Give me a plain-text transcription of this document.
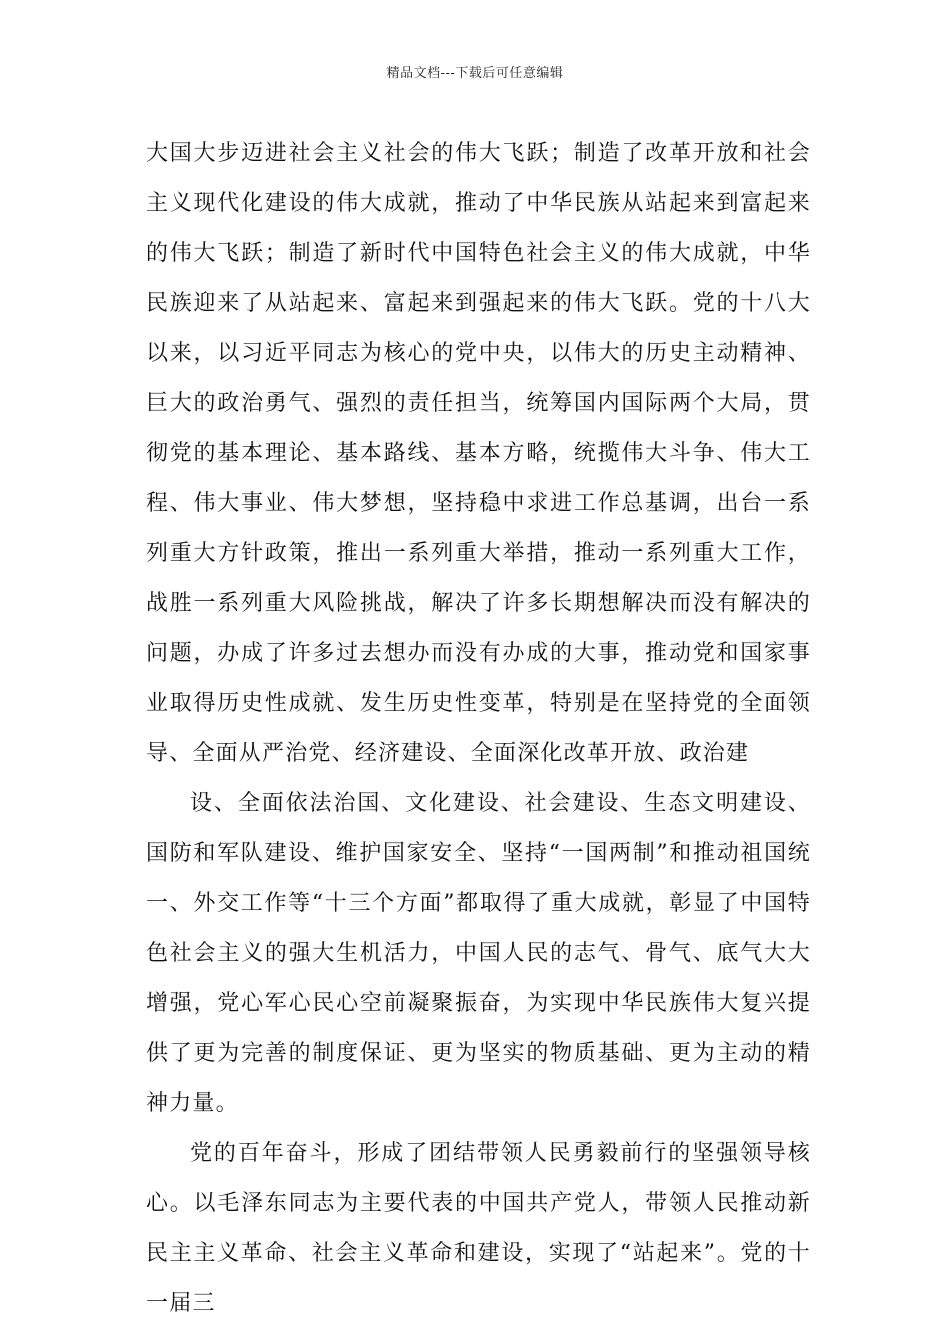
精品文档---下载后可任意编辑

大国大步迈进社会主义社会的伟大飞跃；制造了改革开放和社会主义现代化建设的伟大成就，推动了中华民族从站起来到富起来的伟大飞跃；制造了新时代中国特色社会主义的伟大成就，中华民族迎来了从站起来、富起来到强起来的伟大飞跃。党的十八大以来，以习近平同志为核心的党中央，以伟大的历史主动精神、巨大的政治勇气、强烈的责任担当，统筹国内国际两个大局，贯彻党的基本理论、基本路线、基本方略，统揽伟大斗争、伟大工程、伟大事业、伟大梦想，坚持稳中求进工作总基调，出台一系列重大方针政策，推出一系列重大举措，推动一系列重大工作，战胜一系列重大风险挑战，解决了许多长期想解决而没有解决的问题，办成了许多过去想办而没有办成的大事，推动党和国家事业取得历史性成就、发生历史性变革，特别是在坚持党的全面领导、全面从严治党、经济建设、全面深化改革开放、政治建

设、全面依法治国、文化建设、社会建设、生态文明建设、国防和军队建设、维护国家安全、坚持“一国两制”和推动祖国统一、外交工作等“十三个方面”都取得了重大成就，彰显了中国特色社会主义的强大生机活力，中国人民的志气、骨气、底气大大增强，党心军心民心空前凝聚振奋，为实现中华民族伟大复兴提供了更为完善的制度保证、更为坚实的物质基础、更为主动的精神力量。

党的百年奋斗，形成了团结带领人民勇毅前行的坚强领导核心。以毛泽东同志为主要代表的中国共产党人，带领人民推动新民主主义革命、社会主义革命和建设，实现了“站起来”。党的十一届三
